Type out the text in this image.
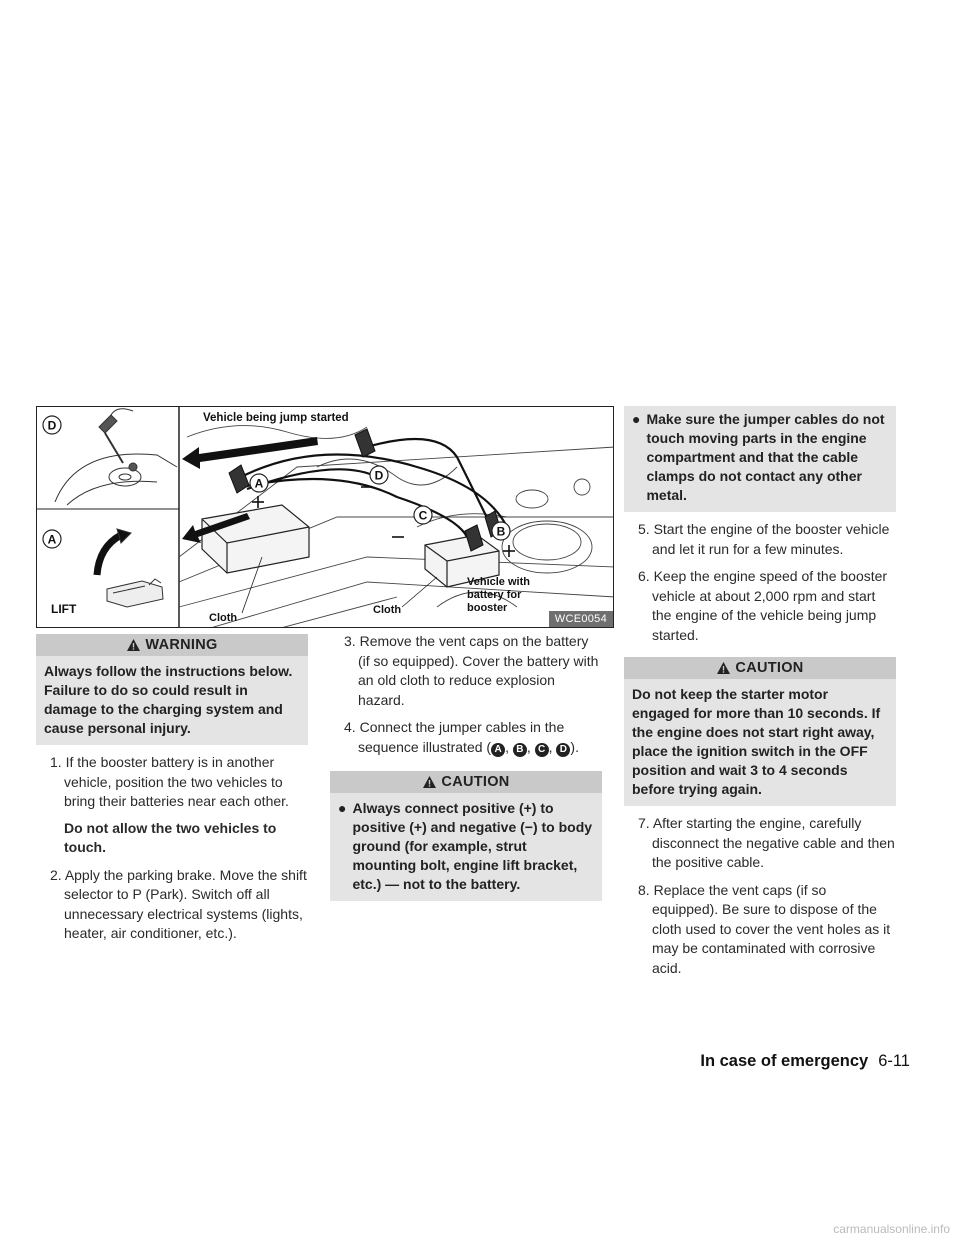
D
A
A
D
C
B
LIFT
Vehicle being jump started
Vehicle with
battery for
booster
Cloth
Cloth
WCE0054
WARNING
Always follow the instructions below. Failure to do so could result in damage to the charging system and cause personal injury.
1. If the booster battery is in another vehicle, position the two vehicles to bring their batteries near each other.
Do not allow the two vehicles to touch.
2. Apply the parking brake. Move the shift selector to P (Park). Switch off all unnecessary electrical systems (lights, heater, air conditioner, etc.).
3. Remove the vent caps on the battery (if so equipped). Cover the battery with an old cloth to reduce explosion hazard.
4. Connect the jumper cables in the sequence illustrated ( A , B , C , D ).
CAUTION
● Always connect positive (+) to positive (+) and negative (−) to body ground (for example, strut mounting bolt, engine lift bracket, etc.) — not to the battery.
● Make sure the jumper cables do not touch moving parts in the engine compartment and that the cable clamps do not contact any other metal.
5. Start the engine of the booster vehicle and let it run for a few minutes.
6. Keep the engine speed of the booster vehicle at about 2,000 rpm and start the engine of the vehicle being jump started.
CAUTION
Do not keep the starter motor engaged for more than 10 seconds. If the engine does not start right away, place the ignition switch in the OFF position and wait 3 to 4 seconds before trying again.
7. After starting the engine, carefully disconnect the negative cable and then the positive cable.
8. Replace the vent caps (if so equipped). Be sure to dispose of the cloth used to cover the vent holes as it may be contaminated with corrosive acid.
In case of emergency 6-11
carmanualsonline.info
